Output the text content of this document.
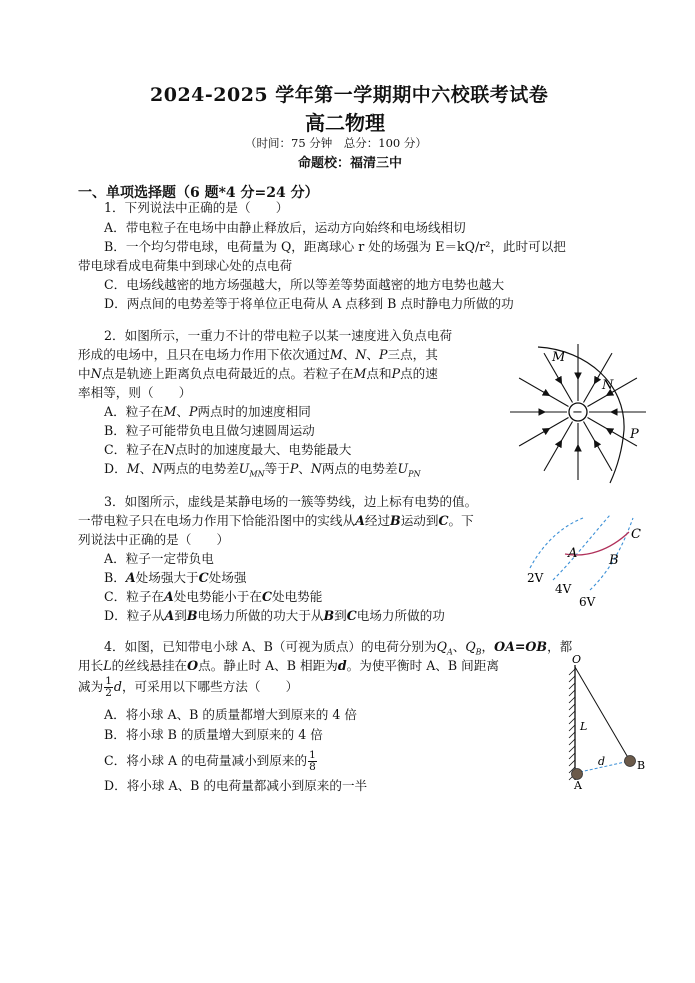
2024-2025 学年第一学期期中六校联考试卷
高二物理
（时间：75 分钟　总分：100 分）
命题校：福清三中
一、单项选择题（6 题*4 分=24 分）
1．下列说法中正确的是（　　）
A．带电粒子在电场中由静止释放后，运动方向始终和电场线相切
B．一个均匀带电球，电荷量为 Q，距离球心 r 处的场强为 E＝kQ/r²，此时可以把
带电球看成电荷集中到球心处的点电荷
C．电场线越密的地方场强越大，所以等差等势面越密的地方电势也越大
D．两点间的电势差等于将单位正电荷从 A 点移到 B 点时静电力所做的功
2．如图所示，一重力不计的带电粒子以某一速度进入负点电荷
形成的电场中，且只在电场力作用下依次通过M、N、P三点，其
中N点是轨迹上距离负点电荷最近的点。若粒子在M点和P点的速
率相等，则（　　）
A．粒子在M、P两点时的加速度相同
B．粒子可能带负电且做匀速圆周运动
C．粒子在N点时的加速度最大、电势能最大
D．M、N两点的电势差$U_{MN}$等于P、N两点的电势差$U_{PN}$
−
M
N
P
3．如图所示，虚线是某静电场的一簇等势线，边上标有电势的值。
一带电粒子只在电场力作用下恰能沿图中的实线从A经过B运动到C。下
列说法中正确的是（　　）
A．粒子一定带负电
B．A处场强大于C处场强
C．粒子在A处电势能小于在C处电势能
D．粒子从A到B电场力所做的功大于从B到C电场力所做的功
A B
C
2V
4V
6V
4．如图，已知带电小球 A、B（可视为质点）的电荷分别为$Q_A$、$Q_B$，OA=OB，都
用长L的丝线悬挂在O点。静止时 A、B 相距为d。为使平衡时 A、B 间距离
减为 $\frac{1}{2}$ d，可采用以下哪些方法（　　）
A．将小球 A、B 的质量都增大到原来的 4 倍
B．将小球 B 的质量增大到原来的 4 倍
C．将小球 A 的电荷量减小到原来的 $\frac{1}{8}$
D．将小球 A、B 的电荷量都减小到原来的一半
O
L
d
A
B
